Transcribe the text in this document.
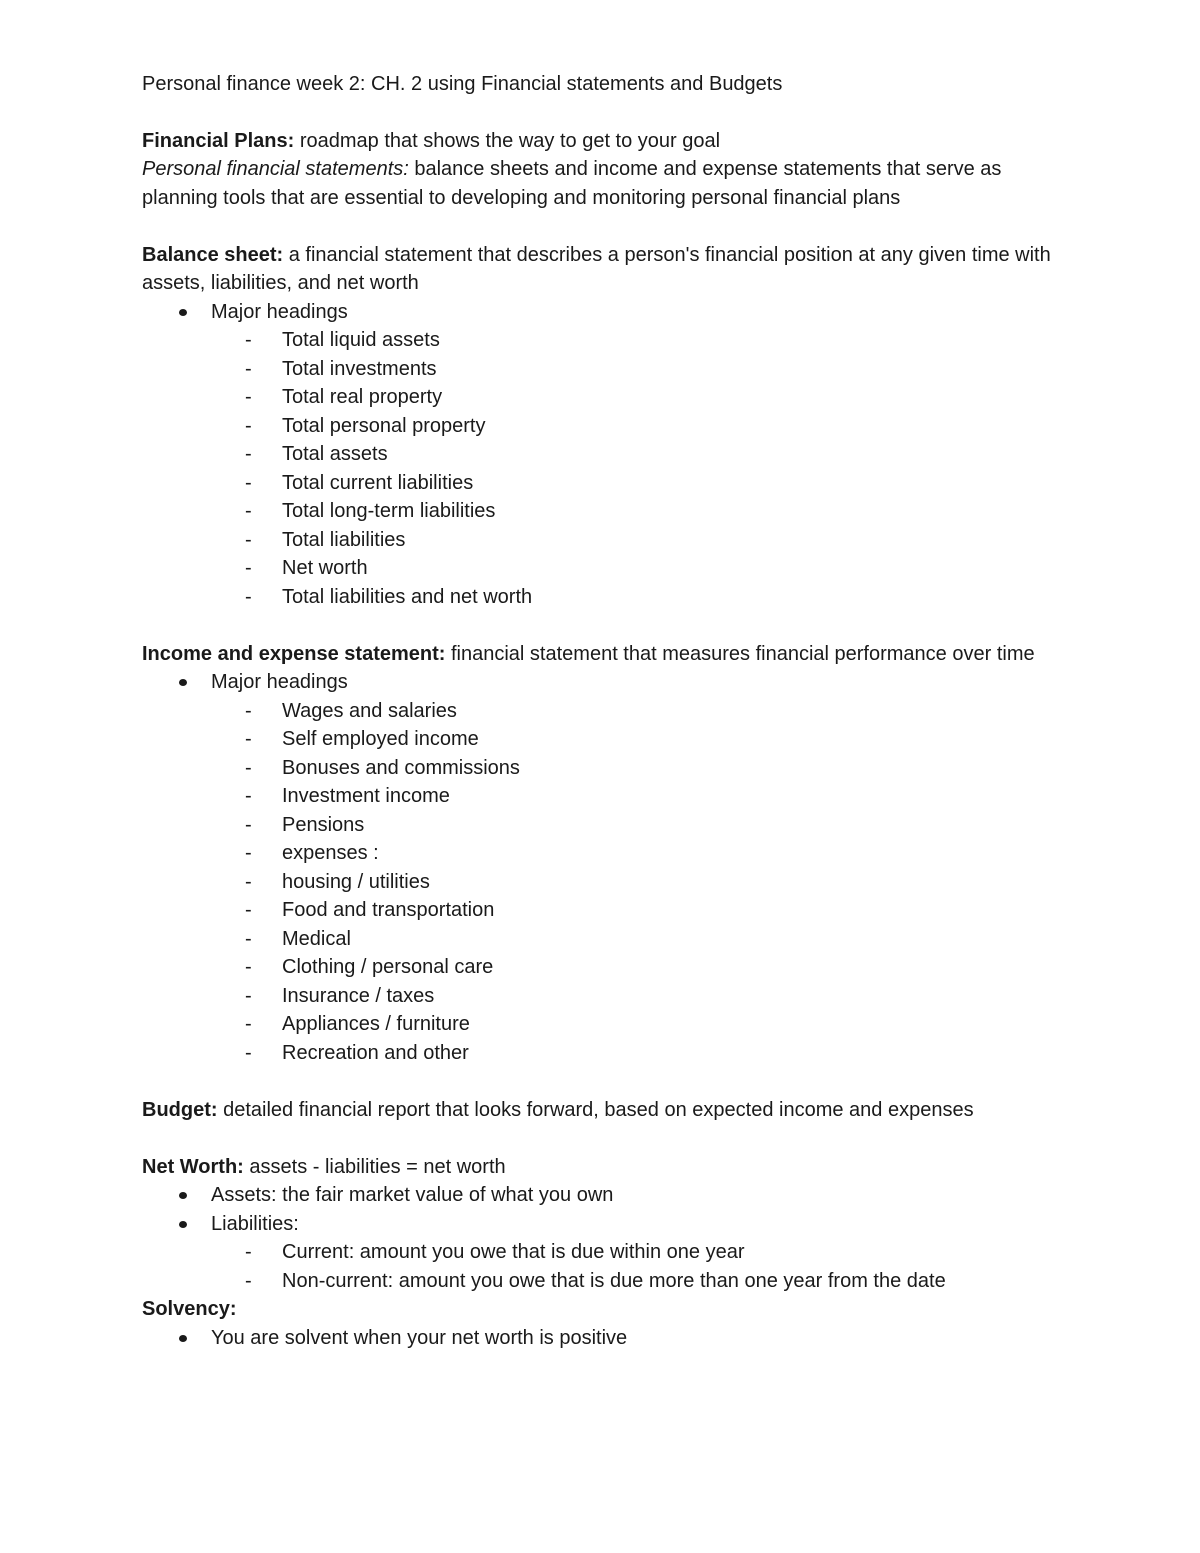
Personal finance week 2: CH. 2 using Financial statements and Budgets
Financial Plans: roadmap that shows the way to get to your goal
Personal financial statements: balance sheets and income and expense statements that serve as planning tools that are essential to developing and monitoring personal financial plans
Balance sheet: a financial statement that describes a person's financial position at any given time with assets, liabilities, and net worth
Major headings
- Total liquid assets
- Total investments
- Total real property
- Total personal property
- Total assets
- Total current liabilities
- Total long-term liabilities
- Total liabilities
- Net worth
- Total liabilities and net worth
Income and expense statement: financial statement that measures financial performance over time
Major headings
- Wages and salaries
- Self employed income
- Bonuses and commissions
- Investment income
- Pensions
- expenses :
- housing / utilities
- Food and transportation
- Medical
- Clothing / personal care
- Insurance / taxes
- Appliances / furniture
- Recreation and other
Budget: detailed financial report that looks forward, based on expected income and expenses
Net Worth: assets - liabilities = net worth
Assets: the fair market value of what you own
Liabilities:
- Current: amount you owe that is due within one year
- Non-current: amount you owe that is due more than one year from the date
Solvency:
You are solvent when your net worth is positive
